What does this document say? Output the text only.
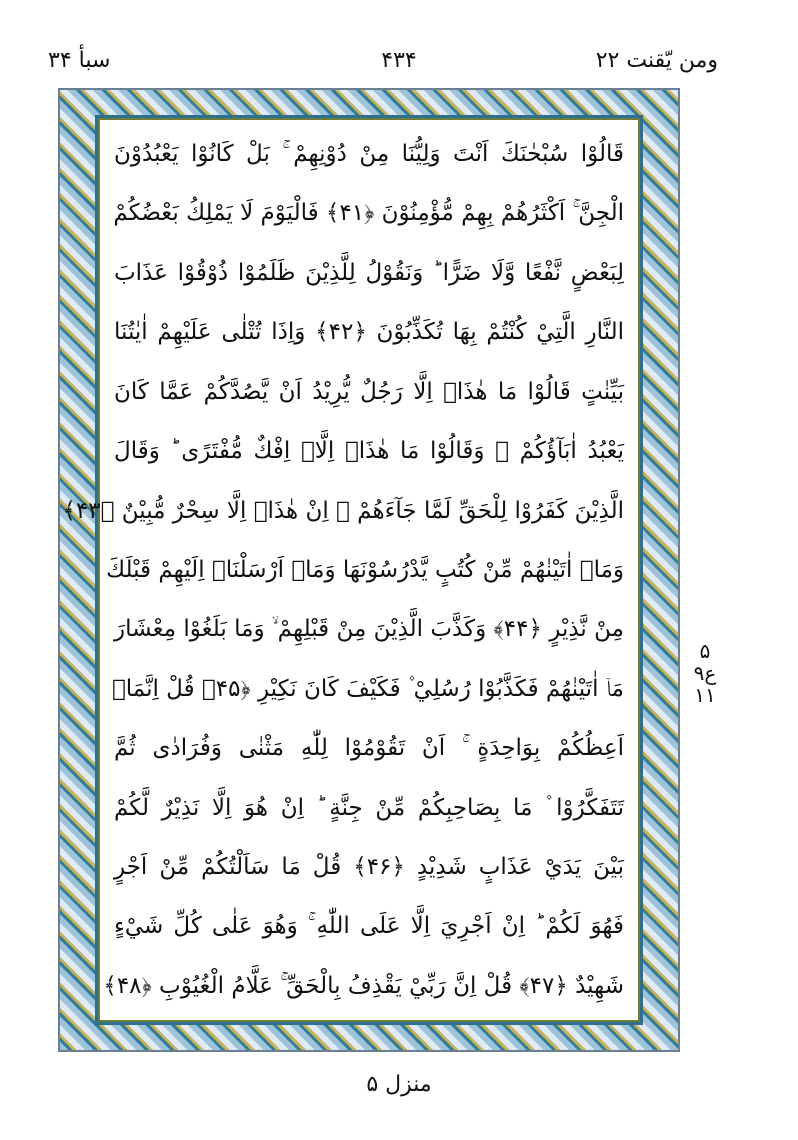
ومن يّقنت ٢٢
۴۳۴
سبأ ۳۴
قَالُوْا سُبْحٰنَكَ اَنْتَ وَلِيُّنَا مِنْ دُوْنِهِمْ ۚ بَلْ كَانُوْا يَعْبُدُوْنَ
الْجِنَّ ۚ اَكْثَرُهُمْ بِهِمْ مُّؤْمِنُوْنَ ﴿۴۱﴾ فَالْيَوْمَ لَا يَمْلِكُ بَعْضُكُمْ
لِبَعْضٍ نَّفْعًا وَّلَا ضَرًّا ؕ وَنَقُوْلُ لِلَّذِيْنَ ظَلَمُوْا ذُوْقُوْا عَذَابَ
النَّارِ الَّتِيْ كُنْتُمْ بِهَا تُكَذِّبُوْنَ ﴿۴۲﴾ وَاِذَا تُتْلٰى عَلَيْهِمْ اٰيٰتُنَا
بَيِّنٰتٍ قَالُوْا مَا هٰذَاۤ اِلَّا رَجُلٌ يُّرِيْدُ اَنْ يَّصُدَّكُمْ عَمَّا كَانَ
يَعْبُدُ اٰبَآؤُكُمْ ۚ وَقَالُوْا مَا هٰذَاۤ اِلَّاۤ اِفْكٌ مُّفْتَرًى ؕ وَقَالَ
الَّذِيْنَ كَفَرُوْا لِلْحَقِّ لَمَّا جَآءَهُمْ ۙ اِنْ هٰذَاۤ اِلَّا سِحْرٌ مُّبِيْنٌ ﴿۴۳﴾
وَمَاۤ اٰتَيْنٰهُمْ مِّنْ كُتُبٍ يَّدْرُسُوْنَهَا وَمَاۤ اَرْسَلْنَاۤ اِلَيْهِمْ قَبْلَكَ
مِنْ نَّذِيْرٍ ﴿۴۴﴾ وَكَذَّبَ الَّذِيْنَ مِنْ قَبْلِهِمْ ۙ وَمَا بَلَغُوْا مِعْشَارَ
مَاۤ اٰتَيْنٰهُمْ فَكَذَّبُوْا رُسُلِيْ ۫ فَكَيْفَ كَانَ نَكِيْرِ ﴿۴۵﴾ قُلْ اِنَّمَاۤ
اَعِظُكُمْ بِوَاحِدَةٍ ۚ اَنْ تَقُوْمُوْا لِلّٰهِ مَثْنٰى وَفُرَادٰى ثُمَّ
تَتَفَكَّرُوْا ۫ مَا بِصَاحِبِكُمْ مِّنْ جِنَّةٍ ؕ اِنْ هُوَ اِلَّا نَذِيْرٌ لَّكُمْ
بَيْنَ يَدَيْ عَذَابٍ شَدِيْدٍ ﴿۴۶﴾ قُلْ مَا سَاَلْتُكُمْ مِّنْ اَجْرٍ
فَهُوَ لَكُمْ ؕ اِنْ اَجْرِيَ اِلَّا عَلَى اللّٰهِ ۚ وَهُوَ عَلٰى كُلِّ شَيْءٍ
شَهِيْدٌ ﴿۴۷﴾ قُلْ اِنَّ رَبِّيْ يَقْذِفُ بِالْحَقِّ ۚ عَلَّامُ الْغُيُوْبِ ﴿۴۸﴾
۵
ع۹
۱۱
منزل ۵
